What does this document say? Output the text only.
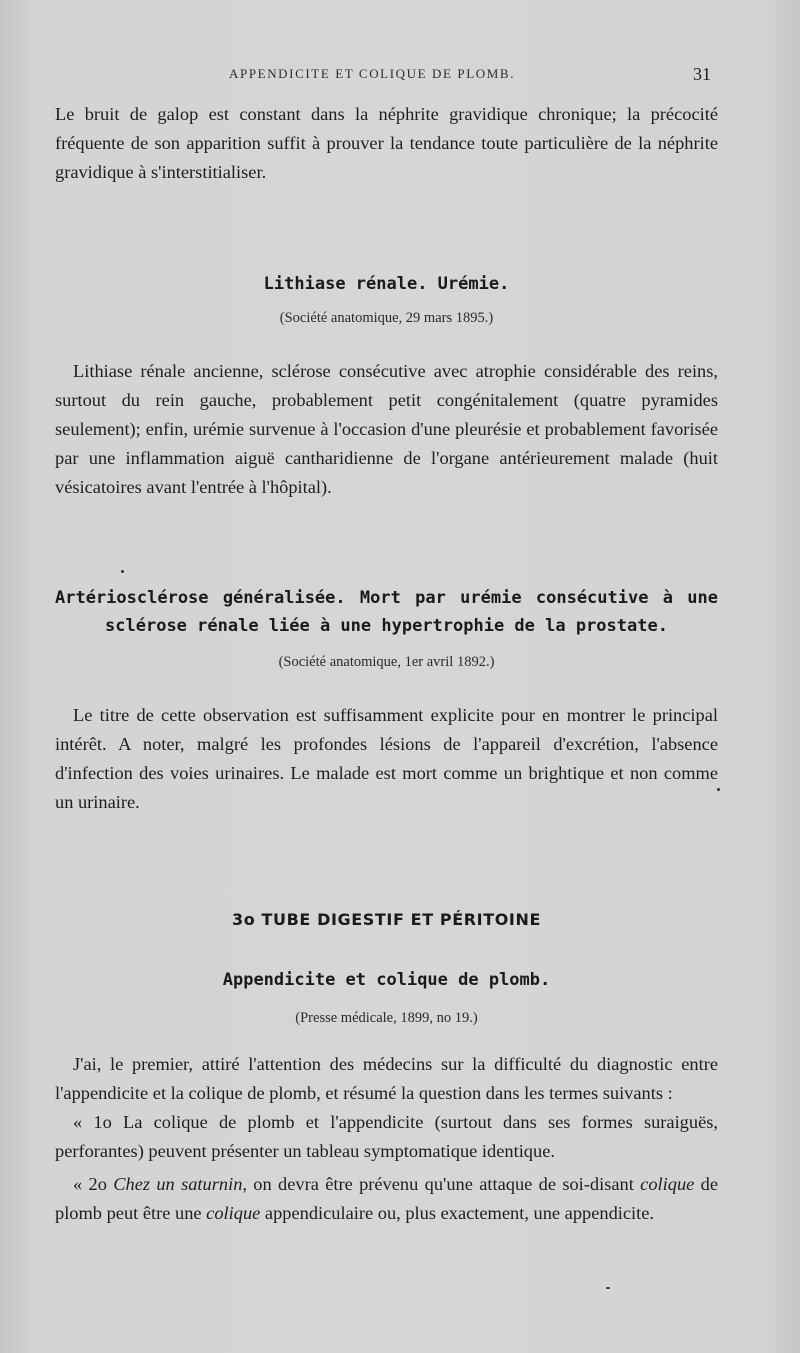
APPENDICITE ET COLIQUE DE PLOMB.	31

Le bruit de galop est constant dans la néphrite gravidique chronique; la précocité fréquente de son apparition suffit à prouver la tendance toute particulière de la néphrite gravidique à s'interstitialiser.

Lithiase rénale. Urémie.
(Société anatomique, 29 mars 1895.)

Lithiase rénale ancienne, sclérose consécutive avec atrophie considérable des reins, surtout du rein gauche, probablement petit congénitalement (quatre pyramides seulement); enfin, urémie survenue à l'occasion d'une pleurésie et probablement favorisée par une inflammation aiguë cantharidienne de l'organe antérieurement malade (huit vésicatoires avant l'entrée à l'hôpital).

Artériosclérose généralisée. Mort par urémie consécutive à une sclérose rénale liée à une hypertrophie de la prostate.
(Société anatomique, 1er avril 1892.)

Le titre de cette observation est suffisamment explicite pour en montrer le principal intérêt. A noter, malgré les profondes lésions de l'appareil d'excrétion, l'absence d'infection des voies urinaires. Le malade est mort comme un brightique et non comme un urinaire.

3o TUBE DIGESTIF ET PÉRITOINE
Appendicite et colique de plomb.
(Presse médicale, 1899, no 19.)

J'ai, le premier, attiré l'attention des médecins sur la difficulté du diagnostic entre l'appendicite et la colique de plomb, et résumé la question dans les termes suivants :

« 1o La colique de plomb et l'appendicite (surtout dans ses formes suraiguës, perforantes) peuvent présenter un tableau symptomatique identique.

« 2o Chez un saturnin, on devra être prévenu qu'une attaque de soi-disant colique de plomb peut être une colique appendiculaire ou, plus exactement, une appendicite.
